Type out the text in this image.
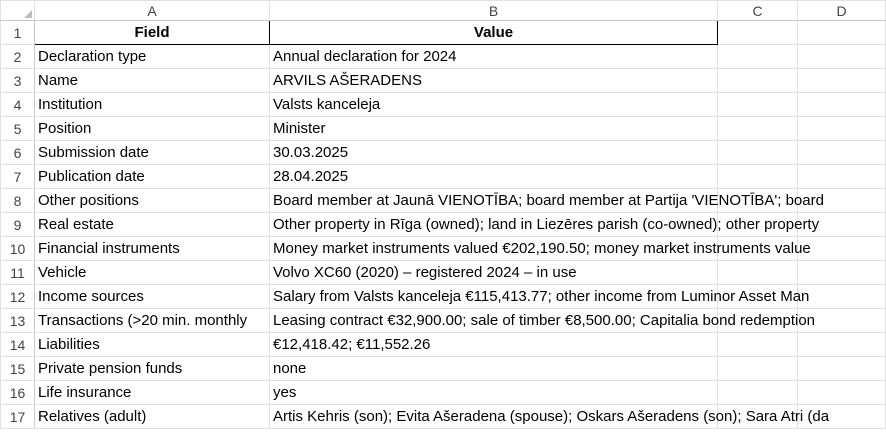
	A	B	C	D
1	Field	Value		
2	Declaration type	Annual declaration for 2024		
3	Name	ARVILS AŠERADENS		
4	Institution	Valsts kanceleja		
5	Position	Minister		
6	Submission date	30.03.2025		
7	Publication date	28.04.2025		
8	Other positions	Board member at Jaunā VIENOTĪBA; board member at Partija 'VIENOTĪBA'; board		
9	Real estate	Other property in Rīga (owned); land in Liezēres parish (co-owned); other property		
10	Financial instruments	Money market instruments valued €202,190.50; money market instruments value		
11	Vehicle	Volvo XC60 (2020) – registered 2024 – in use		
12	Income sources	Salary from Valsts kanceleja €115,413.77; other income from Luminor Asset Man		
13	Transactions (>20 min. monthly	Leasing contract €32,900.00; sale of timber €8,500.00; Capitalia bond redemption		
14	Liabilities	€12,418.42; €11,552.26		
15	Private pension funds	none		
16	Life insurance	yes		
17	Relatives (adult)	Artis Kehris (son); Evita Ašeradena (spouse); Oskars Ašeradens (son); Sara Atri (da		
